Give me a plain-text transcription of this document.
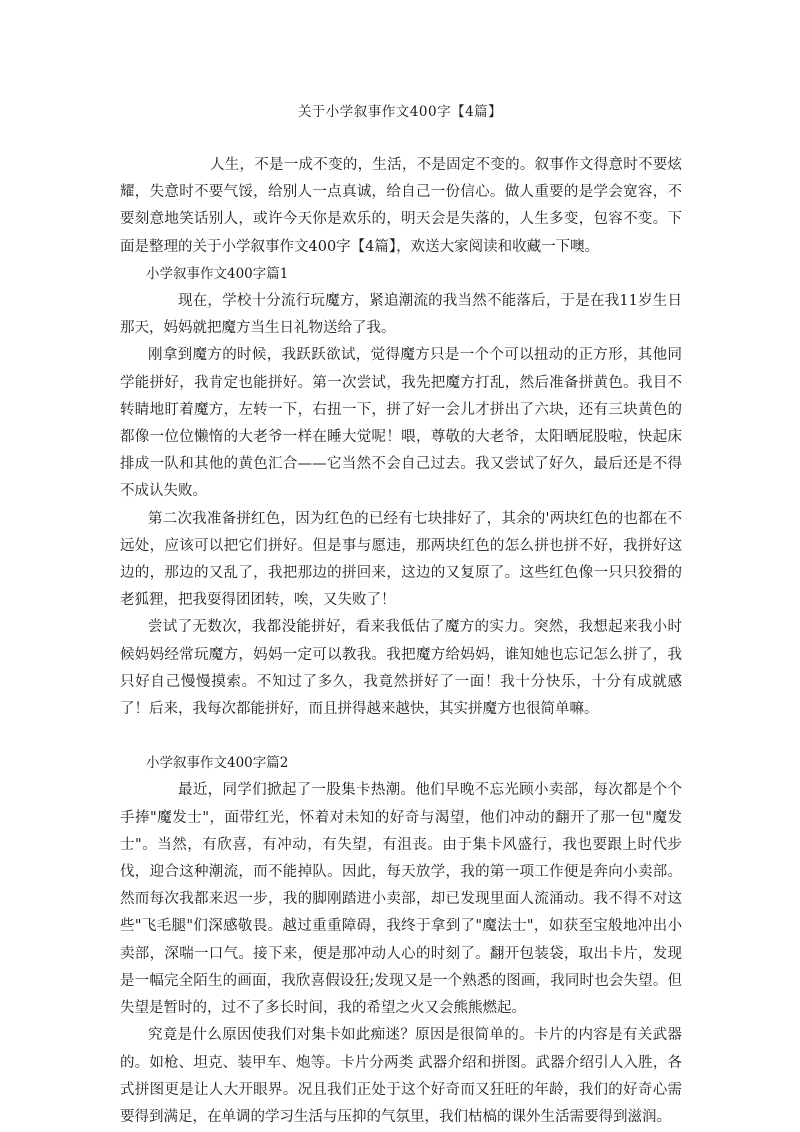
关于小学叙事作文400字【4篇】

人生，不是一成不变的，生活，不是固定不变的。叙事作文得意时不要炫耀，失意时不要气馁，给别人一点真诚，给自己一份信心。做人重要的是学会宽容，不要刻意地笑话别人，或许今天你是欢乐的，明天会是失落的，人生多变，包容不变。下面是整理的关于小学叙事作文400字【4篇】，欢送大家阅读和收藏一下噢。

小学叙事作文400字篇1

现在，学校十分流行玩魔方，紧追潮流的我当然不能落后，于是在我11岁生日那天，妈妈就把魔方当生日礼物送给了我。

刚拿到魔方的时候，我跃跃欲试，觉得魔方只是一个个可以扭动的正方形，其他同学能拼好，我肯定也能拼好。第一次尝试，我先把魔方打乱，然后准备拼黄色。我目不转睛地盯着魔方，左转一下，右扭一下，拼了好一会儿才拼出了六块，还有三块黄色的都像一位位懒惰的大老爷一样在睡大觉呢！喂，尊敬的大老爷，太阳晒屁股啦，快起床排成一队和其他的黄色汇合——它当然不会自己过去。我又尝试了好久，最后还是不得不成认失败。

第二次我准备拼红色，因为红色的已经有七块排好了，其余的'两块红色的也都在不远处，应该可以把它们拼好。但是事与愿违，那两块红色的怎么拼也拼不好，我拼好这边的，那边的又乱了，我把那边的拼回来，这边的又复原了。这些红色像一只只狡猾的老狐狸，把我耍得团团转，唉，又失败了！

尝试了无数次，我都没能拼好，看来我低估了魔方的实力。突然，我想起来我小时候妈妈经常玩魔方，妈妈一定可以教我。我把魔方给妈妈，谁知她也忘记怎么拼了，我只好自己慢慢摸索。不知过了多久，我竟然拼好了一面！我十分快乐，十分有成就感了！后来，我每次都能拼好，而且拼得越来越快，其实拼魔方也很简单嘛。

小学叙事作文400字篇2

最近，同学们掀起了一股集卡热潮。他们早晚不忘光顾小卖部，每次都是个个手捧"魔发士"，面带红光，怀着对未知的好奇与渴望，他们冲动的翻开了那一包"魔发士"。当然，有欣喜，有冲动，有失望，有沮丧。由于集卡风盛行，我也要跟上时代步伐，迎合这种潮流，而不能掉队。因此，每天放学，我的第一项工作便是奔向小卖部。然而每次我都来迟一步，我的脚刚踏进小卖部，却已发现里面人流涌动。我不得不对这些"飞毛腿"们深感敬畏。越过重重障碍，我终于拿到了"魔法士"，如获至宝般地冲出小卖部，深喘一口气。接下来，便是那冲动人心的时刻了。翻开包装袋，取出卡片，发现是一幅完全陌生的画面，我欣喜假设狂;发现又是一个熟悉的图画，我同时也会失望。但失望是暂时的，过不了多长时间，我的希望之火又会熊熊燃起。

究竟是什么原因使我们对集卡如此痴迷？原因是很简单的。卡片的内容是有关武器的。如枪、坦克、装甲车、炮等。卡片分两类 武器介绍和拼图。武器介绍引人入胜，各式拼图更是让人大开眼界。况且我们正处于这个好奇而又狂旺的年龄，我们的好奇心需要得到满足，在单调的学习生活与压抑的气氛里，我们枯槁的课外生活需要得到滋润。
